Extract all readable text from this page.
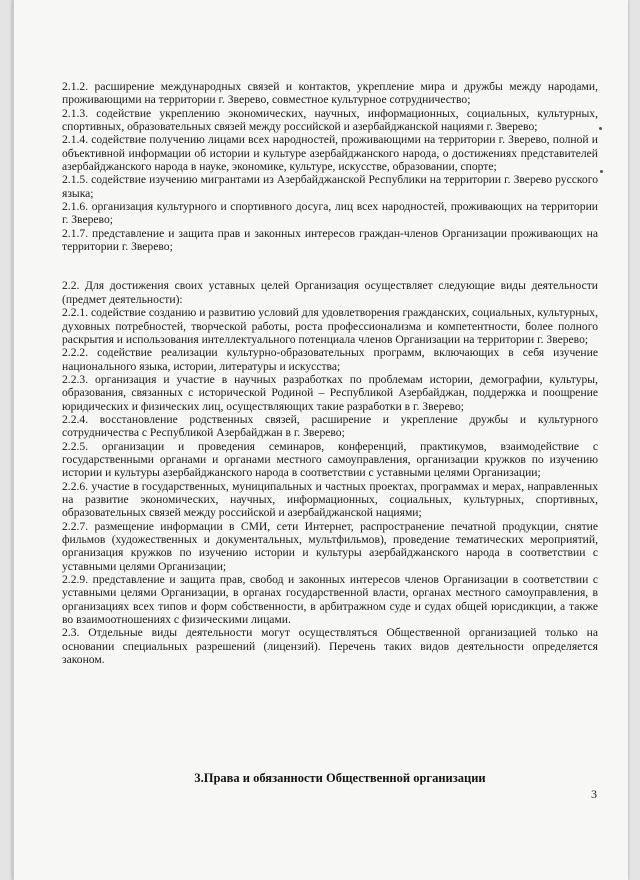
2.1.2. расширение международных связей и контактов, укрепление мира и дружбы между народами, проживающими на территории г. Зверево, совместное культурное сотрудничество;

2.1.3. содействие укреплению экономических, научных, информационных, социальных, культурных, спортивных, образовательных связей между российской и азербайджанской нациями г. Зверево;

2.1.4. содействие получению лицами всех народностей, проживающими на территории г. Зверево, полной и объективной информации об истории и культуре азербайджанского народа, о достижениях представителей азербайджанского народа в науке, экономике, культуре, искусстве, образовании, спорте;

2.1.5. содействие изучению мигрантами из Азербайджанской Республики на территории г. Зверево русского языка;

2.1.6. организация культурного и спортивного досуга, лиц всех народностей, проживающих на территории г. Зверево;

2.1.7. представление и защита прав и законных интересов граждан-членов Организации проживающих на территории г. Зверево;

2.2. Для достижения своих уставных целей Организация осуществляет следующие виды деятельности (предмет деятельности):

2.2.1. содействие созданию и развитию условий для удовлетворения гражданских, социальных, культурных, духовных потребностей, творческой работы, роста профессионализма и компетентности, более полного раскрытия и использования интеллектуального потенциала членов Организации на территории г. Зверево;

2.2.2. содействие реализации культурно-образовательных программ, включающих в себя изучение национального языка, истории, литературы и искусства;

2.2.3. организация и участие в научных разработках по проблемам истории, демографии, культуры, образования, связанных с исторической Родиной – Республикой Азербайджан, поддержка и поощрение юридических и физических лиц, осуществляющих такие разработки в г. Зверево;

2.2.4. восстановление родственных связей, расширение и укрепление дружбы и культурного сотрудничества с Республикой Азербайджан в г. Зверево;

2.2.5. организации и проведения семинаров, конференций, практикумов, взаимодействие с государственными органами и органами местного самоуправления, организации кружков по изучению истории и культуры азербайджанского народа в соответствии с уставными целями Организации;

2.2.6. участие в государственных, муниципальных и частных проектах, программах и мерах, направленных на развитие экономических, научных, информационных, социальных, культурных, спортивных, образовательных связей между российской и азербайджанской нациями;

2.2.7. размещение информации в СМИ, сети Интернет, распространение печатной продукции, снятие фильмов (художественных и документальных, мультфильмов), проведение тематических мероприятий, организация кружков по изучению истории и культуры азербайджанского народа в соответствии с уставными целями Организации;

2.2.9. представление и защита прав, свобод и законных интересов членов Организации в соответствии с уставными целями Организации, в органах государственной власти, органах местного самоуправления, в организациях всех типов и форм собственности, в арбитражном суде и судах общей юрисдикции, а также во взаимоотношениях с физическими лицами.

2.3. Отдельные виды деятельности могут осуществляться Общественной организацией только на основании специальных разрешений (лицензий). Перечень таких видов деятельности определяется законом.

3.Права и обязанности Общественной организации
3
